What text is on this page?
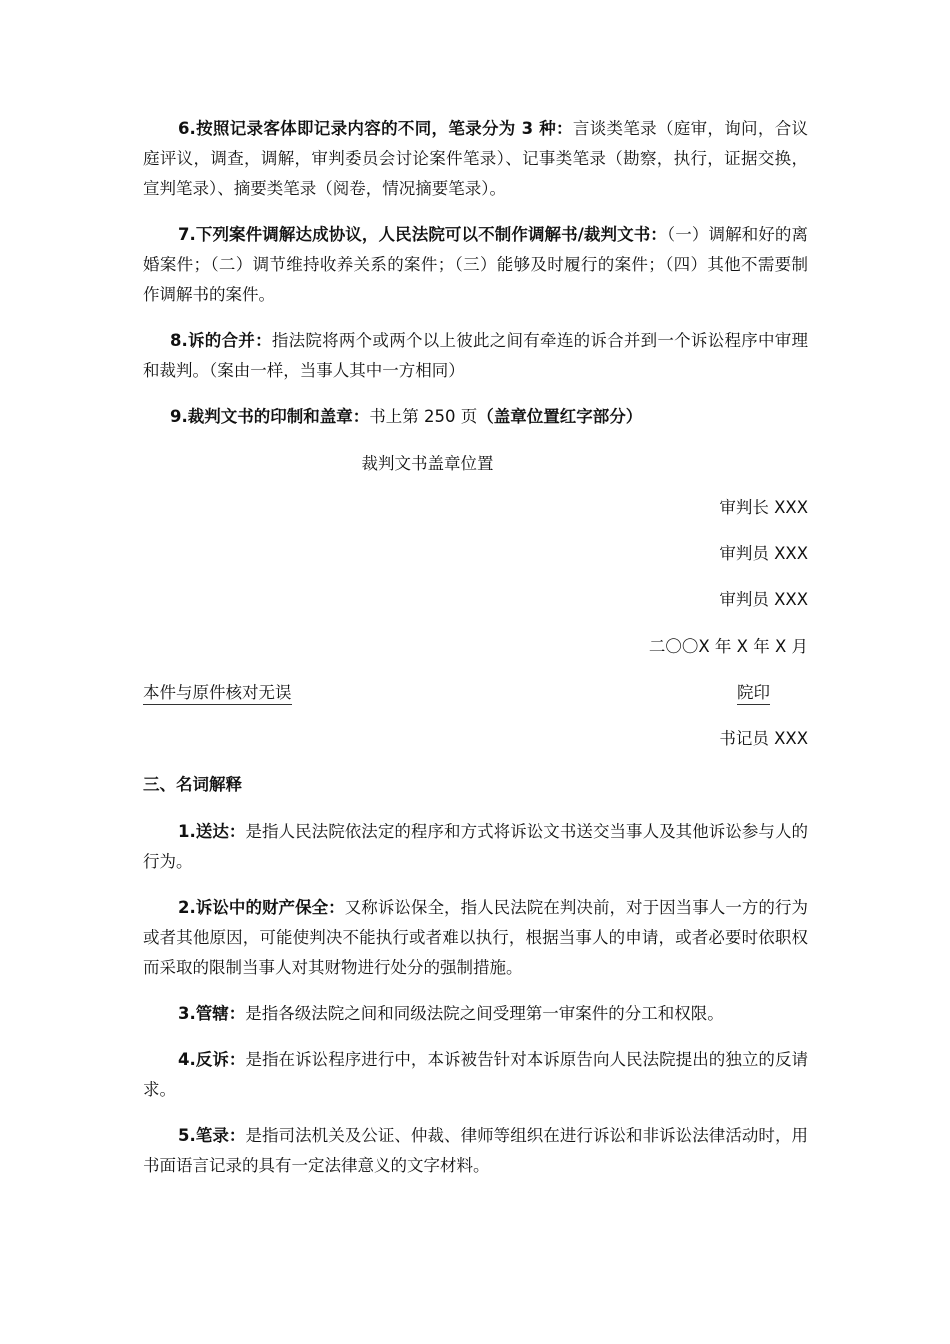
6.按照记录客体即记录内容的不同，笔录分为 3 种：言谈类笔录（庭审，询问，合议庭评议，调查，调解，审判委员会讨论案件笔录）、记事类笔录（勘察，执行，证据交换，宣判笔录）、摘要类笔录（阅卷，情况摘要笔录）。
7.下列案件调解达成协议，人民法院可以不制作调解书/裁判文书：（一）调解和好的离婚案件；（二）调节维持收养关系的案件；（三）能够及时履行的案件；（四）其他不需要制作调解书的案件。
8.诉的合并：指法院将两个或两个以上彼此之间有牵连的诉合并到一个诉讼程序中审理和裁判。（案由一样，当事人其中一方相同）
9.裁判文书的印制和盖章：书上第 250 页（盖章位置红字部分）
裁判文书盖章位置
审判长 XXX
审判员 XXX
审判员 XXX
二〇〇X 年 X 年 X 月
本件与原件核对无误	院印
书记员 XXX
三、名词解释
1.送达：是指人民法院依法定的程序和方式将诉讼文书送交当事人及其他诉讼参与人的行为。
2.诉讼中的财产保全：又称诉讼保全，指人民法院在判决前，对于因当事人一方的行为或者其他原因，可能使判决不能执行或者难以执行，根据当事人的申请，或者必要时依职权而采取的限制当事人对其财物进行处分的强制措施。
3.管辖：是指各级法院之间和同级法院之间受理第一审案件的分工和权限。
4.反诉：是指在诉讼程序进行中，本诉被告针对本诉原告向人民法院提出的独立的反请求。
5.笔录：是指司法机关及公证、仲裁、律师等组织在进行诉讼和非诉讼法律活动时，用书面语言记录的具有一定法律意义的文字材料。
